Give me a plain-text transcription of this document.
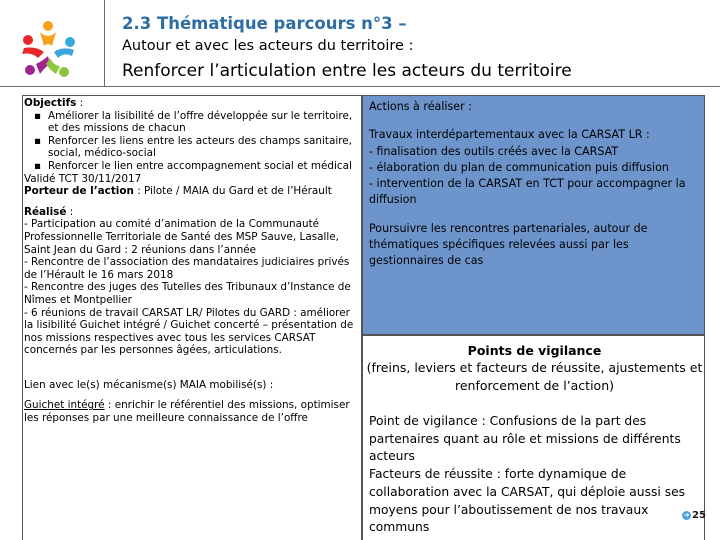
2.3 Thématique parcours n°3 –
Autour et avec les acteurs du territoire :
Renforcer l’articulation entre les acteurs du territoire
Objectifs :
▪ Améliorer la lisibilité de l’offre développée sur le territoire, et des missions de chacun
▪ Renforcer les liens entre les acteurs des champs sanitaire, social, médico-social
▪ Renforcer le lien entre accompagnement social et médical
Validé TCT 30/11/2017
Porteur de l’action : Pilote / MAIA du Gard et de l’Hérault
Réalisé :
- Participation au comité d’animation de la Communauté Professionnelle Territoriale de Santé des MSP Sauve, Lasalle, Saint Jean du Gard : 2 réunions dans l’année
- Rencontre de l’association des mandataires judiciaires privés de l’Hérault le 16 mars 2018
- Rencontre des juges des Tutelles des Tribunaux d’Instance de Nîmes et Montpellier
- 6 réunions de travail CARSAT LR/ Pilotes du GARD : améliorer la lisibilité Guichet intégré / Guichet concerté – présentation de nos missions respectives avec tous les services CARSAT concernés par les personnes âgées, articulations.
Lien avec le(s) mécanisme(s) MAIA mobilisé(s) :
Guichet intégré : enrichir le référentiel des missions, optimiser les réponses par une meilleure connaissance de l’offre
Actions à réaliser :
Travaux interdépartementaux avec la CARSAT LR :
- finalisation des outils créés avec la CARSAT
- élaboration du plan de communication puis diffusion
- intervention de la CARSAT en TCT pour accompagner la diffusion
Poursuivre les rencontres partenariales, autour de thématiques spécifiques relevées aussi par les gestionnaires de cas
Points de vigilance
(freins, leviers et facteurs de réussite, ajustements et renforcement de l’action)
Point de vigilance : Confusions de la part des partenaires quant au rôle et missions de différents acteurs
Facteurs de réussite : forte dynamique de collaboration avec la CARSAT, qui déploie aussi ses moyens pour l’aboutissement de nos travaux communs
➜ 25
